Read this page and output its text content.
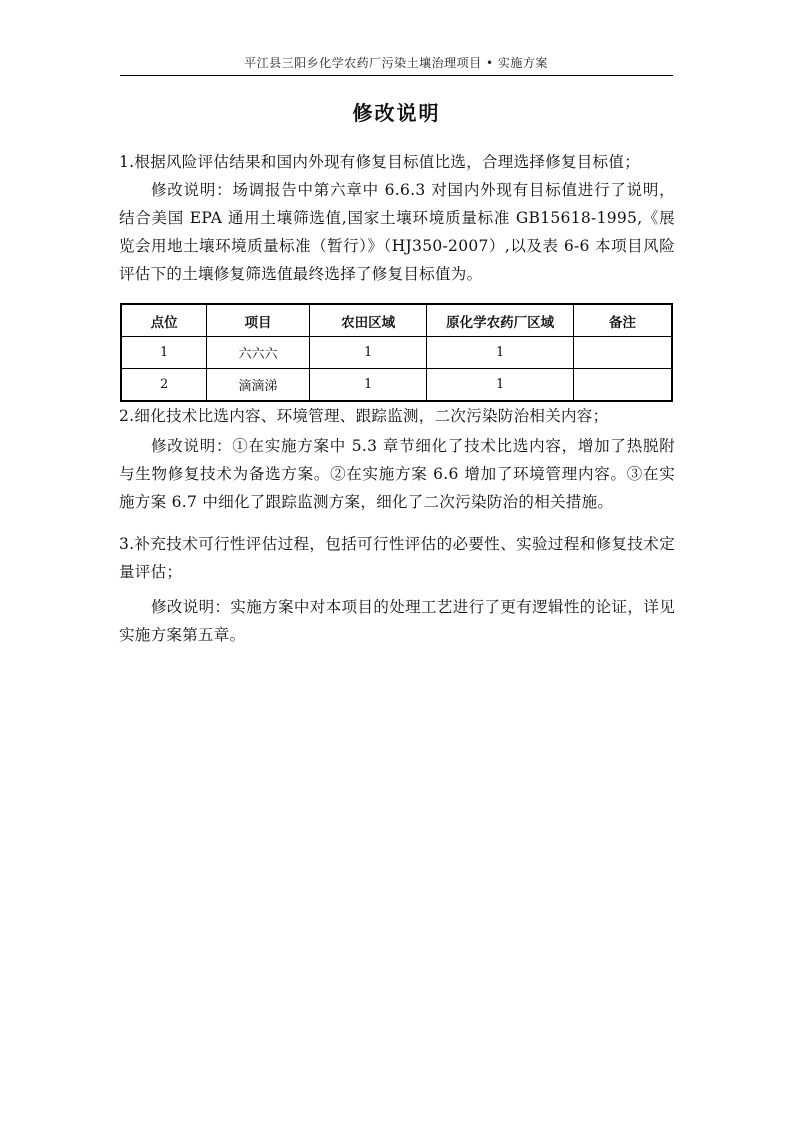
平江县三阳乡化学农药厂污染土壤治理项目 • 实施方案
修改说明

1.根据风险评估结果和国内外现有修复目标值比选，合理选择修复目标值；

修改说明：场调报告中第六章中 6.6.3 对国内外现有目标值进行了说明，结合美国 EPA 通用土壤筛选值,国家土壤环境质量标准 GB15618-1995,《展览会用地土壤环境质量标准（暂行）》（HJ350-2007）,以及表 6-6 本项目风险评估下的土壤修复筛选值最终选择了修复目标值为。

点位	项目	农田区域	原化学农药厂区域	备注
1	六六六	1	1	
2	滴滴涕	1	1	

2.细化技术比选内容、环境管理、跟踪监测，二次污染防治相关内容；

修改说明：①在实施方案中 5.3 章节细化了技术比选内容，增加了热脱附与生物修复技术为备选方案。②在实施方案 6.6 增加了环境管理内容。③在实施方案 6.7 中细化了跟踪监测方案，细化了二次污染防治的相关措施。

3.补充技术可行性评估过程，包括可行性评估的必要性、实验过程和修复技术定量评估；

修改说明：实施方案中对本项目的处理工艺进行了更有逻辑性的论证，详见实施方案第五章。
